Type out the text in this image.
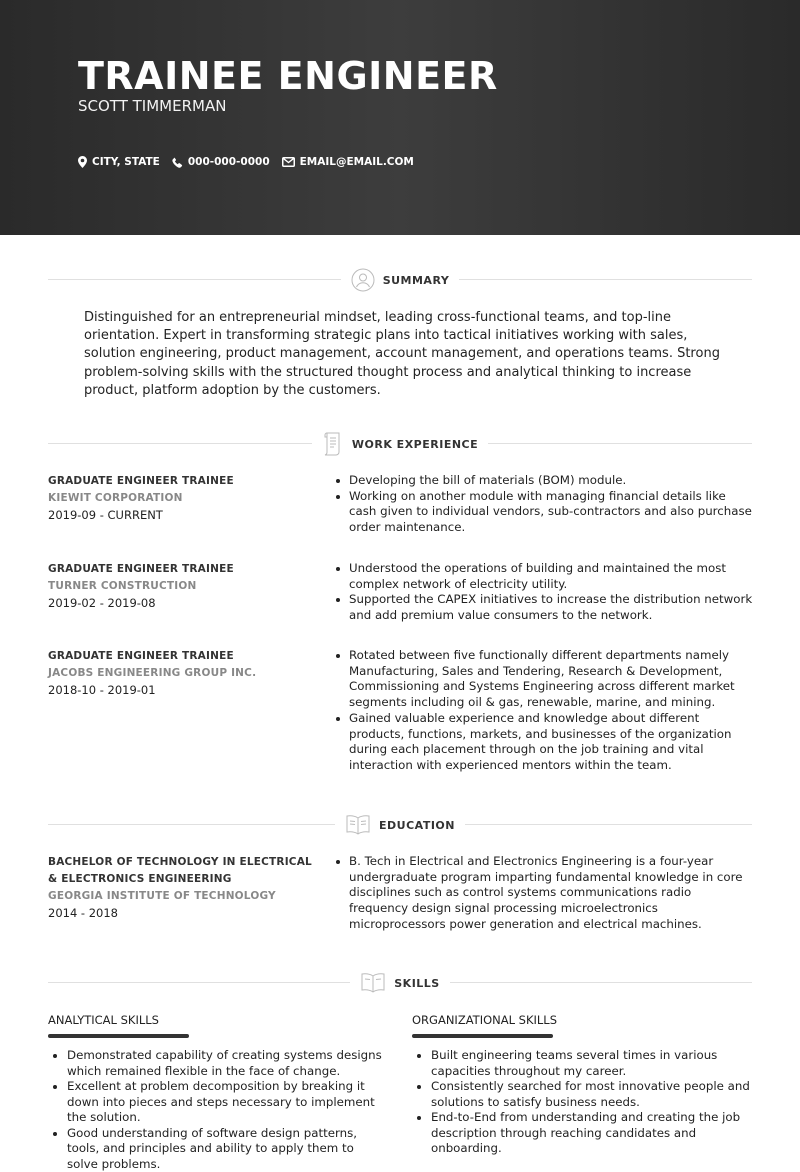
TRAINEE ENGINEER
SCOTT TIMMERMAN
CITY, STATE	000-000-0000	EMAIL@EMAIL.COM
SUMMARY
Distinguished for an entrepreneurial mindset, leading cross-functional teams, and top-line orientation. Expert in transforming strategic plans into tactical initiatives working with sales, solution engineering, product management, account management, and operations teams. Strong problem-solving skills with the structured thought process and analytical thinking to increase product, platform adoption by the customers.
WORK EXPERIENCE
GRADUATE ENGINEER TRAINEE
KIEWIT CORPORATION
2019-09 - CURRENT
Developing the bill of materials (BOM) module.
Working on another module with managing financial details like cash given to individual vendors, sub-contractors and also purchase order maintenance.
GRADUATE ENGINEER TRAINEE
TURNER CONSTRUCTION
2019-02 - 2019-08
Understood the operations of building and maintained the most complex network of electricity utility.
Supported the CAPEX initiatives to increase the distribution network and add premium value consumers to the network.
GRADUATE ENGINEER TRAINEE
JACOBS ENGINEERING GROUP INC.
2018-10 - 2019-01
Rotated between five functionally different departments namely Manufacturing, Sales and Tendering, Research & Development, Commissioning and Systems Engineering across different market segments including oil & gas, renewable, marine, and mining.
Gained valuable experience and knowledge about different products, functions, markets, and businesses of the organization during each placement through on the job training and vital interaction with experienced mentors within the team.
EDUCATION
BACHELOR OF TECHNOLOGY IN ELECTRICAL & ELECTRONICS ENGINEERING
GEORGIA INSTITUTE OF TECHNOLOGY
2014 - 2018
B. Tech in Electrical and Electronics Engineering is a four-year undergraduate program imparting fundamental knowledge in core disciplines such as control systems communications radio frequency design signal processing microelectronics microprocessors power generation and electrical machines.
SKILLS
ANALYTICAL SKILLS
Demonstrated capability of creating systems designs which remained flexible in the face of change.
Excellent at problem decomposition by breaking it down into pieces and steps necessary to implement the solution.
Good understanding of software design patterns, tools, and principles and ability to apply them to solve problems.
ORGANIZATIONAL SKILLS
Built engineering teams several times in various capacities throughout my career.
Consistently searched for most innovative people and solutions to satisfy business needs.
End-to-End from understanding and creating the job description through reaching candidates and onboarding.
